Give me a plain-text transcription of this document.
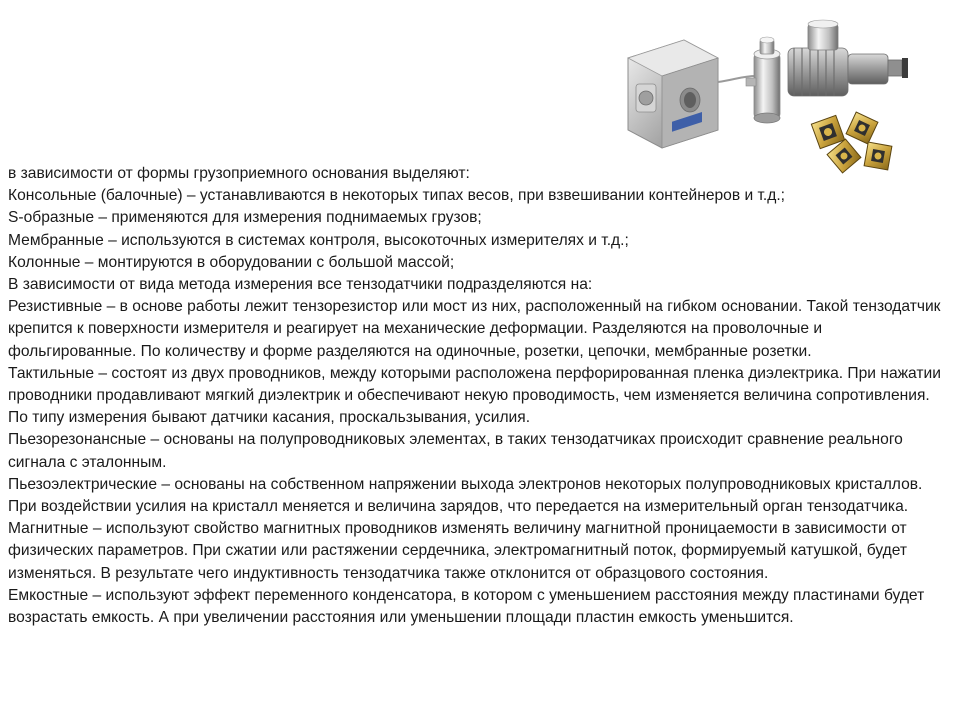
в зависимости от формы грузоприемного основания выделяют:

Консольные (балочные) – устанавливаются в некоторых типах весов, при взвешивании контейнеров и т.д.;

S-образные – применяются для измерения поднимаемых грузов;

Мембранные – используются в системах контроля, высокоточных измерителях и т.д.;

Колонные – монтируются в оборудовании с большой массой;

В зависимости от вида метода измерения все тензодатчики подразделяются на:

Резистивные – в основе работы лежит тензорезистор или мост из них, расположенный на гибком основании. Такой тензодатчик крепится к поверхности измерителя и реагирует на механические деформации. Разделяются на проволочные и фольгированные. По количеству и форме разделяются на одиночные, розетки, цепочки, мембранные розетки.

Тактильные – состоят из двух проводников, между которыми расположена перфорированная пленка диэлектрика. При нажатии проводники продавливают мягкий диэлектрик и обеспечивают некую проводимость, чем изменяется величина сопротивления. По типу измерения бывают датчики касания, проскальзывания, усилия.

Пьезорезонансные – основаны на полупроводниковых элементах, в таких тензодатчиках происходит сравнение реального сигнала с эталонным.

Пьезоэлектрические – основаны на собственном напряжении выхода электронов некоторых полупроводниковых кристаллов. При воздействии усилия на кристалл меняется и величина зарядов, что передается на измерительный орган тензодатчика.

Магнитные – используют свойство магнитных проводников изменять величину магнитной проницаемости в зависимости от физических параметров. При сжатии или растяжении сердечника, электромагнитный поток, формируемый катушкой, будет изменяться. В результате чего индуктивность тензодатчика также отклонится от образцового состояния.

Емкостные – используют эффект переменного конденсатора, в котором с уменьшением расстояния между пластинами будет возрастать емкость. А при увеличении расстояния или уменьшении площади пластин емкость уменьшится.
